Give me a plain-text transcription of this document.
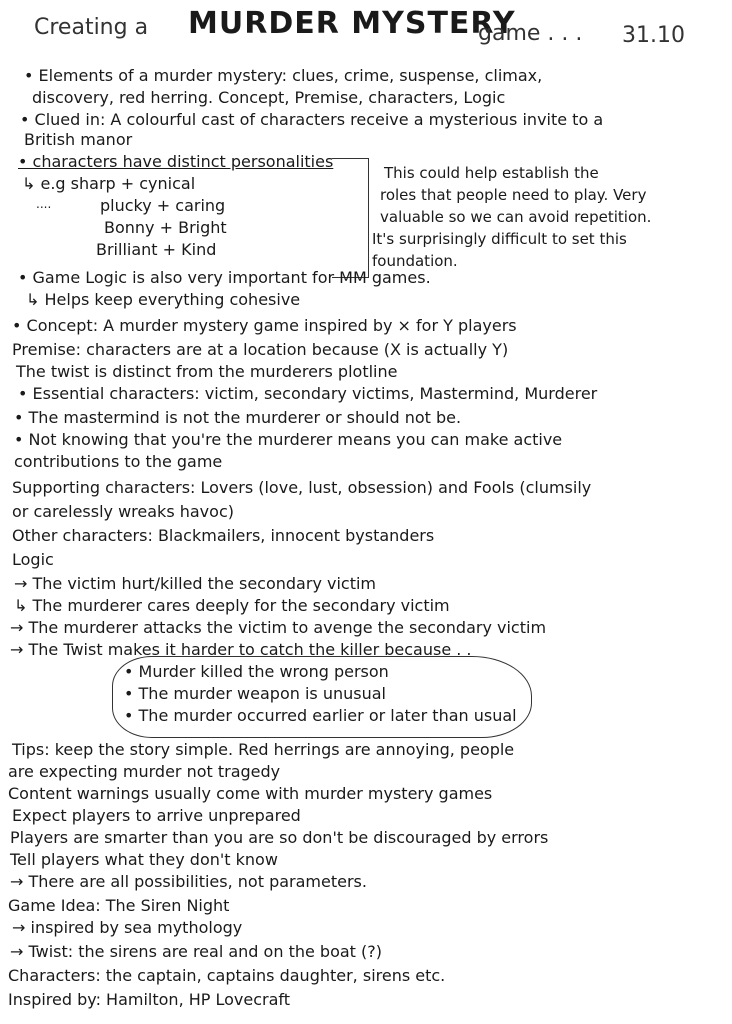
Creating a MURDER MYSTERY
game . . . 31.10
• Elements of a murder mystery: clues, crime, suspense, climax,
discovery, red herring. Concept, Premise, characters, Logic
• Clued in: A colourful cast of characters receive a mysterious invite to a
British manor
• characters have distinct personalities
↳ e.g sharp + cynical
....	plucky + caring
Bonny + Bright
Brilliant + Kind
This could help establish the
roles that people need to play. Very
valuable so we can avoid repetition.
It's surprisingly difficult to set this
foundation.
• Game Logic is also very important for MM games.
↳ Helps keep everything cohesive
• Concept: A murder mystery game inspired by × for Y players
Premise: characters are at a location because (X is actually Y)
The twist is distinct from the murderers plotline
• Essential characters: victim, secondary victims, Mastermind, Murderer
• The mastermind is not the murderer or should not be.
• Not knowing that you're the murderer means you can make active
contributions to the game
Supporting characters: Lovers (love, lust, obsession) and Fools (clumsily
or carelessly wreaks havoc)
Other characters: Blackmailers, innocent bystanders
Logic
→ The victim hurt/killed the secondary victim
↳ The murderer cares deeply for the secondary victim
→ The murderer attacks the victim to avenge the secondary victim
→ The Twist makes it harder to catch the killer because . .
• Murder killed the wrong person
• The murder weapon is unusual
• The murder occurred earlier or later than usual
Tips: keep the story simple. Red herrings are annoying, people
are expecting murder not tragedy
Content warnings usually come with murder mystery games
Expect players to arrive unprepared
Players are smarter than you are so don't be discouraged by errors
Tell players what they don't know
→ There are all possibilities, not parameters.
Game Idea: The Siren Night
→ inspired by sea mythology
→ Twist: the sirens are real and on the boat (?)
Characters: the captain, captains daughter, sirens etc.
Inspired by: Hamilton, HP Lovecraft
